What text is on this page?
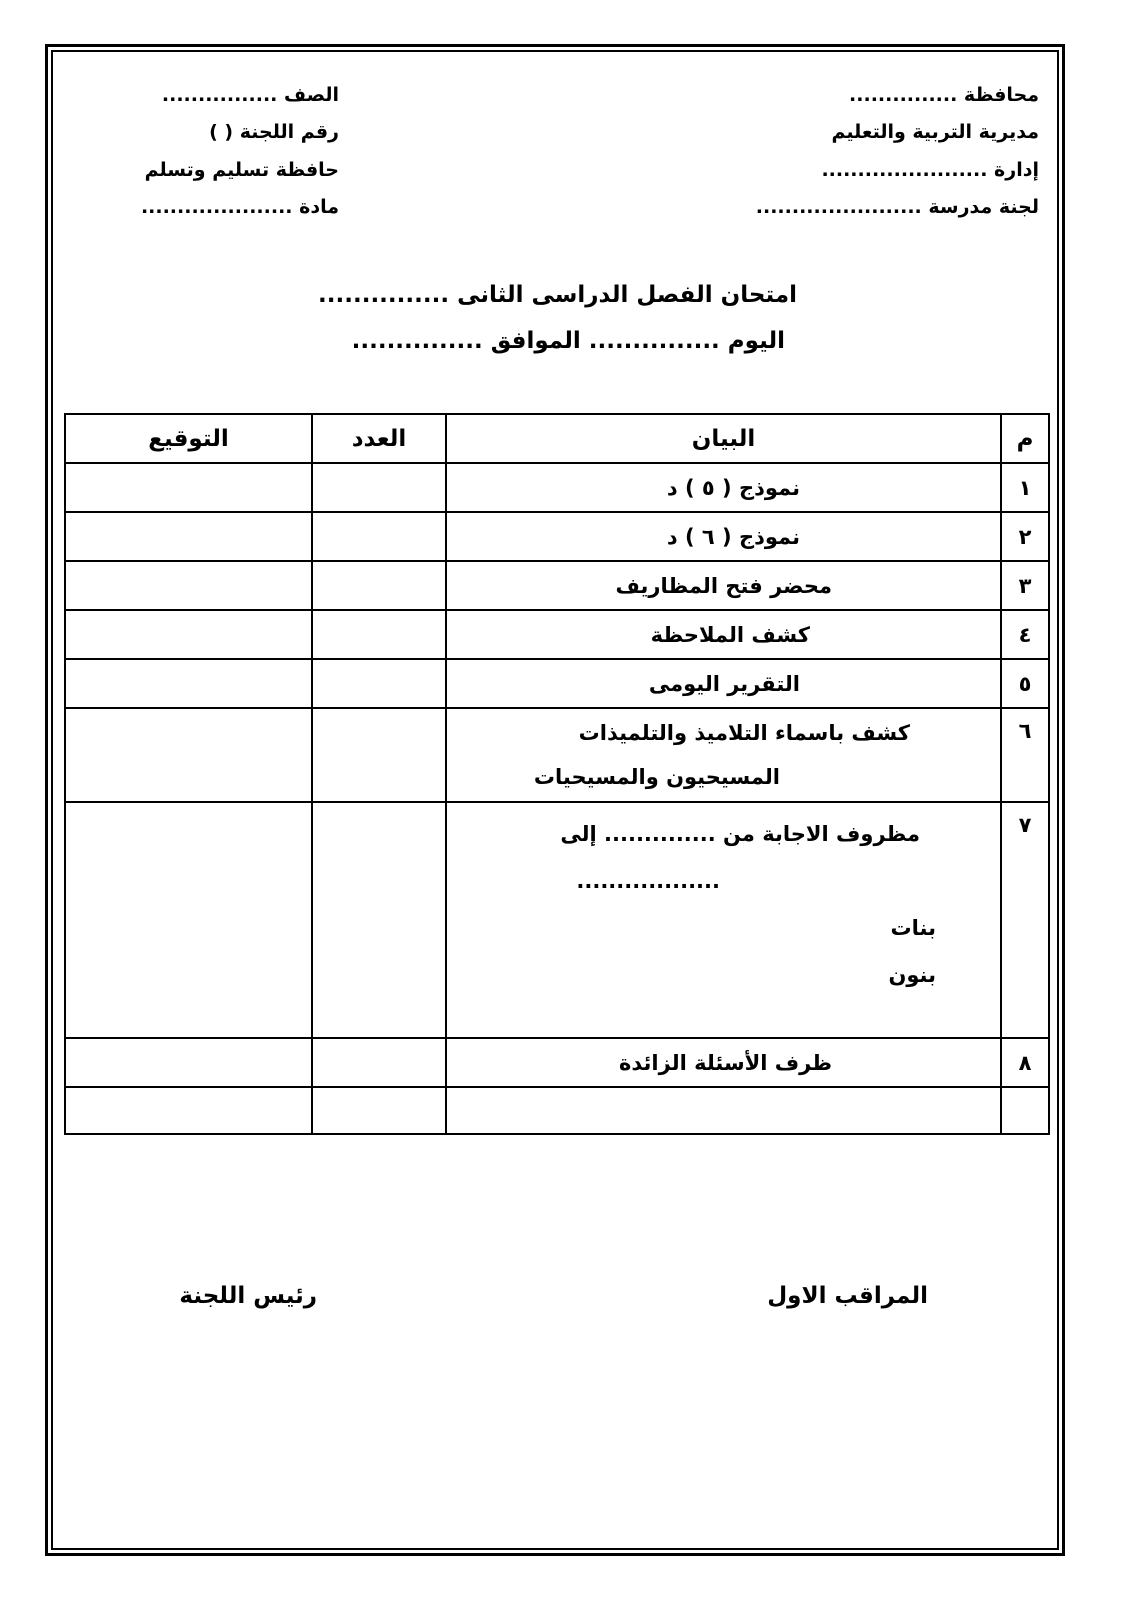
محافظة ...............
مديرية التربية والتعليم
إدارة .......................
لجنة مدرسة .......................
الصف ................
رقم اللجنة ( )
حافظة تسليم وتسلم
مادة .....................
امتحان الفصل الدراسى الثانى ...............
اليوم ............... الموافق ...............
م	البيان	العدد	التوقيع
١	نموذج ( ٥ ) د		
٢	نموذج ( ٦ ) د		
٣	محضر فتح المظاريف		
٤	كشف الملاحظة		
٥	التقرير اليومى		
٦	كشف باسماء التلاميذ والتلميذات
المسيحيون والمسيحيات		

٧	مظروف الاجابة من .............. إلى
..................
بنات
بنون		

٨	ظرف الأسئلة الزائدة		

المراقب الاول
رئيس اللجنة
